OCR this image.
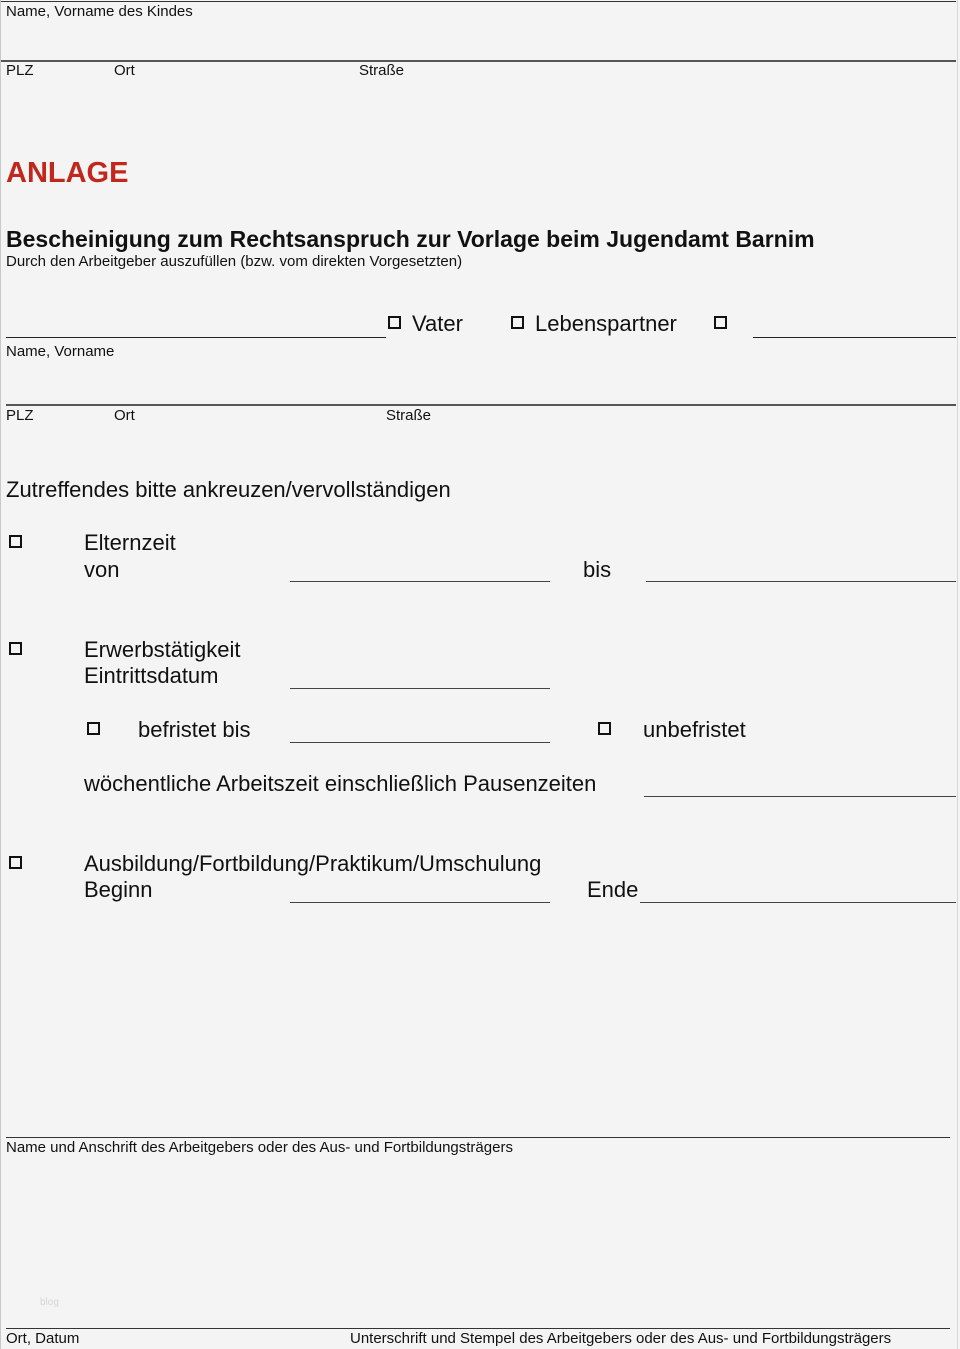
Name, Vorname des Kindes
PLZ	Ort	Straße
ANLAGE
Bescheinigung zum Rechtsanspruch zur Vorlage beim Jugendamt Barnim
Durch den Arbeitgeber auszufüllen (bzw. vom direkten Vorgesetzten)
Vater	Lebenspartner
Name, Vorname
PLZ	Ort	Straße
Zutreffendes bitte ankreuzen/vervollständigen
Elternzeit
von	bis
Erwerbstätigkeit
Eintrittsdatum
befristet bis	unbefristet
wöchentliche Arbeitszeit einschließlich Pausenzeiten
Ausbildung/Fortbildung/Praktikum/Umschulung
Beginn	Ende
Name und Anschrift des Arbeitgebers oder des Aus- und Fortbildungsträgers
blog
Ort, Datum	Unterschrift und Stempel des Arbeitgebers oder des Aus- und Fortbildungsträgers
